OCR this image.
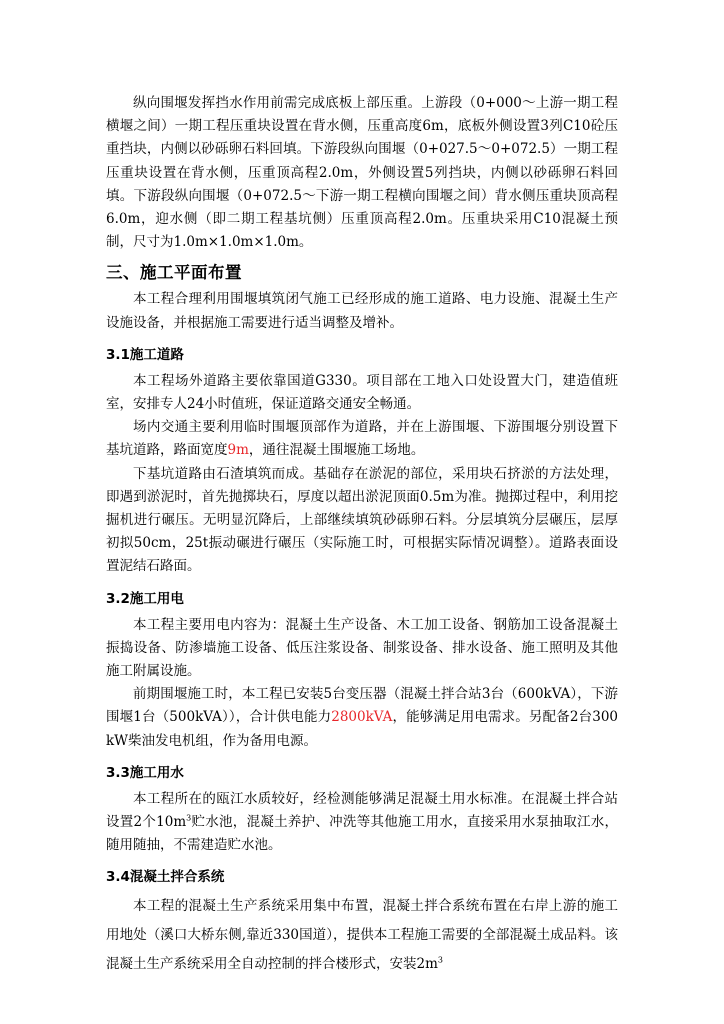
纵向围堰发挥挡水作用前需完成底板上部压重。上游段（0+000～上游一期工程横堰之间）一期工程压重块设置在背水侧，压重高度6m，底板外侧设置3列C10砼压重挡块，内侧以砂砾卵石料回填。下游段纵向围堰（0+027.5～0+072.5）一期工程压重块设置在背水侧，压重顶高程2.0m，外侧设置5列挡块，内侧以砂砾卵石料回填。下游段纵向围堰（0+072.5～下游一期工程横向围堰之间）背水侧压重块顶高程6.0m，迎水侧（即二期工程基坑侧）压重顶高程2.0m。压重块采用C10混凝土预制，尺寸为1.0m×1.0m×1.0m。

三、施工平面布置

本工程合理利用围堰填筑闭气施工已经形成的施工道路、电力设施、混凝土生产设施设备，并根据施工需要进行适当调整及增补。

3.1施工道路

本工程场外道路主要依靠国道G330。项目部在工地入口处设置大门，建造值班室，安排专人24小时值班，保证道路交通安全畅通。

场内交通主要利用临时围堰顶部作为道路，并在上游围堰、下游围堰分别设置下基坑道路，路面宽度9m，通往混凝土围堰施工场地。

下基坑道路由石渣填筑而成。基础存在淤泥的部位，采用块石挤淤的方法处理，即遇到淤泥时，首先抛掷块石，厚度以超出淤泥顶面0.5m为准。抛掷过程中，利用挖掘机进行碾压。无明显沉降后，上部继续填筑砂砾卵石料。分层填筑分层碾压，层厚初拟50cm，25t振动碾进行碾压（实际施工时，可根据实际情况调整）。道路表面设置泥结石路面。

3.2施工用电

本工程主要用电内容为：混凝土生产设备、木工加工设备、钢筋加工设备混凝土振捣设备、防渗墙施工设备、低压注浆设备、制浆设备、排水设备、施工照明及其他施工附属设施。

前期围堰施工时，本工程已安装5台变压器（混凝土拌合站3台（600kVA），下游围堰1台（500kVA）），合计供电能力2800kVA，能够满足用电需求。另配备2台300kW柴油发电机组，作为备用电源。

3.3施工用水

本工程所在的瓯江水质较好，经检测能够满足混凝土用水标准。在混凝土拌合站设置2个$10m^3$贮水池，混凝土养护、冲洗等其他施工用水，直接采用水泵抽取江水，随用随抽，不需建造贮水池。

3.4混凝土拌合系统

本工程的混凝土生产系统采用集中布置，混凝土拌合系统布置在右岸上游的施工用地处（溪口大桥东侧,靠近330国道），提供本工程施工需要的全部混凝土成品料。该混凝土生产系统采用全自动控制的拌合楼形式，安装$2m^3$
